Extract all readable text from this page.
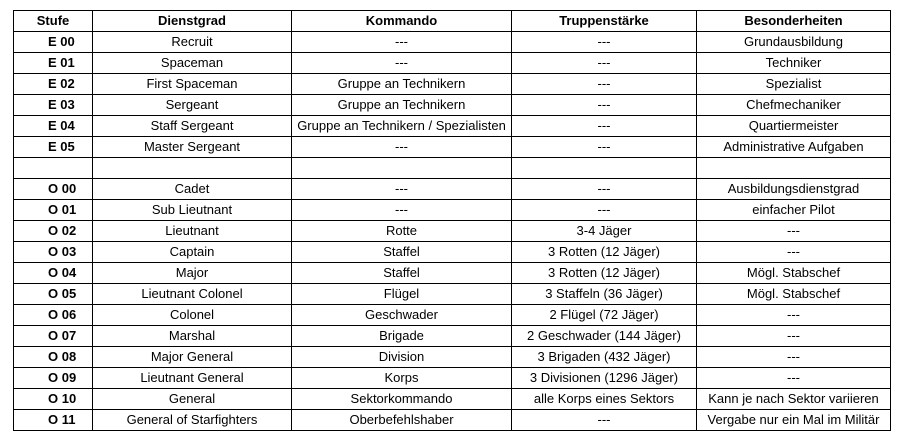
Stufe	Dienstgrad	Kommando	Truppenstärke	Besonderheiten
E 00	Recruit	---	---	Grundausbildung
E 01	Spaceman	---	---	Techniker
E 02	First Spaceman	Gruppe an Technikern	---	Spezialist
E 03	Sergeant	Gruppe an Technikern	---	Chefmechaniker
E 04	Staff Sergeant	Gruppe an Technikern / Spezialisten	---	Quartiermeister
E 05	Master Sergeant	---	---	Administrative Aufgaben

O 00	Cadet	---	---	Ausbildungsdienstgrad
O 01	Sub Lieutnant	---	---	einfacher Pilot
O 02	Lieutnant	Rotte	3-4 Jäger	---
O 03	Captain	Staffel	3 Rotten (12 Jäger)	---
O 04	Major	Staffel	3 Rotten (12 Jäger)	Mögl. Stabschef
O 05	Lieutnant Colonel	Flügel	3 Staffeln (36 Jäger)	Mögl. Stabschef
O 06	Colonel	Geschwader	2 Flügel (72 Jäger)	---
O 07	Marshal	Brigade	2 Geschwader (144 Jäger)	---
O 08	Major General	Division	3 Brigaden (432 Jäger)	---
O 09	Lieutnant General	Korps	3 Divisionen (1296 Jäger)	---
O 10	General	Sektorkommando	alle Korps eines Sektors	Kann je nach Sektor variieren
O 11	General of Starfighters	Oberbefehlshaber	---	Vergabe nur ein Mal im Militär
